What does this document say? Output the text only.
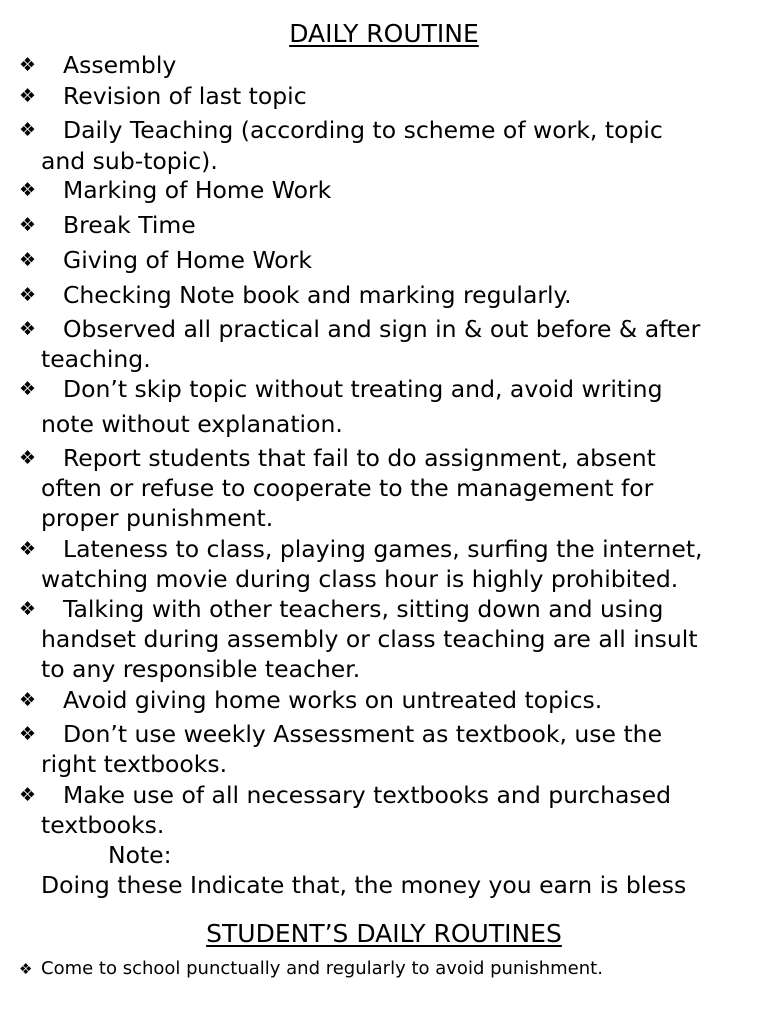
DAILY ROUTINE
❖ Assembly
❖ Revision of last topic
❖ Daily Teaching (according to scheme of work, topic
and sub-topic).
❖ Marking of Home Work
❖ Break Time
❖ Giving of Home Work
❖ Checking Note book and marking regularly.
❖ Observed all practical and sign in & out before & after
teaching.
❖ Don’t skip topic without treating and, avoid writing
note without explanation.
❖ Report students that fail to do assignment, absent
often or refuse to cooperate to the management for
proper punishment.
❖ Lateness to class, playing games, surfing the internet,
watching movie during class hour is highly prohibited.
❖ Talking with other teachers, sitting down and using
handset during assembly or class teaching are all insult
to any responsible teacher.
❖ Avoid giving home works on untreated topics.
❖ Don’t use weekly Assessment as textbook, use the
right textbooks.
❖ Make use of all necessary textbooks and purchased
textbooks.
Note:
Doing these Indicate that, the money you earn is bless
STUDENT’S DAILY ROUTINES
❖ Come to school punctually and regularly to avoid punishment.
